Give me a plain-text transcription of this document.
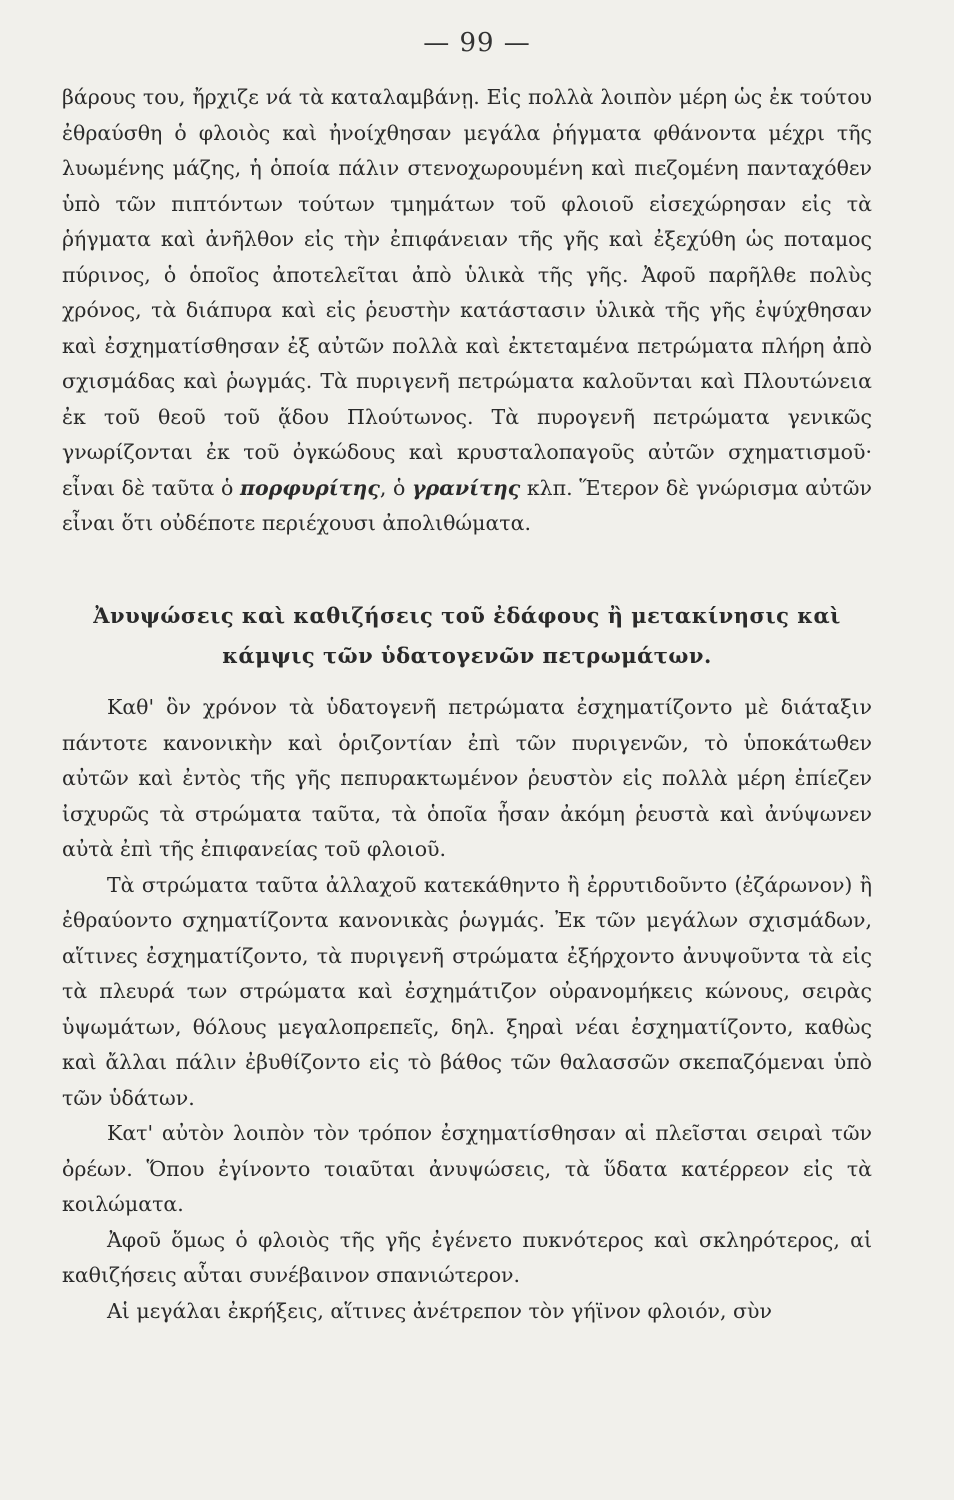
— 99 —

βάρους του, ἤρχιζε νά τὰ καταλαμβάνῃ. Εἰς πολλὰ λοιπὸν μέρη ὡς ἐκ τούτου ἐθραύσθη ὁ φλοιὸς καὶ ἠνοίχθησαν μεγάλα ῥήγματα φθάνοντα μέχρι τῆς λυωμένης μάζης, ἡ ὁποία πάλιν στενοχωρουμένη καὶ πιεζομένη πανταχόθεν ὑπὸ τῶν πιπτόντων τούτων τμημάτων τοῦ φλοιοῦ εἰσεχώρησαν εἰς τὰ ῥήγματα καὶ ἀνῆλθον εἰς τὴν ἐπιφάνειαν τῆς γῆς καὶ ἐξεχύθη ὡς ποταμος πύρινος, ὁ ὁποῖος ἀποτελεῖται ἀπὸ ὑλικὰ τῆς γῆς. Ἀφοῦ παρῆλθε πολὺς χρόνος, τὰ διάπυρα καὶ εἰς ῥευστὴν κατάστασιν ὑλικὰ τῆς γῆς ἐψύχθησαν καὶ ἐσχηματίσθησαν ἐξ αὐτῶν πολλὰ καὶ ἐκτεταμένα πετρώματα πλήρη ἀπὸ σχισμάδας καὶ ῥωγμάς. Τὰ πυριγενῆ πετρώματα καλοῦνται καὶ Πλουτώνεια ἐκ τοῦ θεοῦ τοῦ ᾅδου Πλούτωνος. Τὰ πυρογενῆ πετρώματα γενικῶς γνωρίζονται ἐκ τοῦ ὀγκώδους καὶ κρυσταλοπαγοῦς αὐτῶν σχηματισμοῦ· εἶναι δὲ ταῦτα ὁ πορφυρίτης, ὁ γρανίτης κλπ. Ἕτερον δὲ γνώρισμα αὐτῶν εἶναι ὅτι οὐδέποτε περιέχουσι ἀπολιθώματα.

Ἀνυψώσεις καὶ καθιζήσεις τοῦ ἐδάφους ἢ μετακίνησις καὶ κάμψις τῶν ὑδατογενῶν πετρωμάτων.

Καθ' ὃν χρόνον τὰ ὑδατογενῆ πετρώματα ἐσχηματίζοντο μὲ διάταξιν πάντοτε κανονικὴν καὶ ὁριζοντίαν ἐπὶ τῶν πυριγενῶν, τὸ ὑποκάτωθεν αὐτῶν καὶ ἐντὸς τῆς γῆς πεπυρακτωμένον ῥευστὸν εἰς πολλὰ μέρη ἐπίεζεν ἰσχυρῶς τὰ στρώματα ταῦτα, τὰ ὁποῖα ἦσαν ἀκόμη ῥευστὰ καὶ ἀνύψωνεν αὐτὰ ἐπὶ τῆς ἐπιφανείας τοῦ φλοιοῦ.

Τὰ στρώματα ταῦτα ἀλλαχοῦ κατεκάθηντο ἢ ἐρρυτιδοῦντο (ἐζάρωνον) ἢ ἐθραύοντο σχηματίζοντα κανονικὰς ῥωγμάς. Ἐκ τῶν μεγάλων σχισμάδων, αἵτινες ἐσχηματίζοντο, τὰ πυριγενῆ στρώματα ἐξήρχοντο ἀνυψοῦντα τὰ εἰς τὰ πλευρά των στρώματα καὶ ἐσχημάτιζον οὐρανομήκεις κώνους, σειρὰς ὑψωμάτων, θόλους μεγαλοπρεπεῖς, δηλ. ξηραὶ νέαι ἐσχηματίζοντο, καθὼς καὶ ἄλλαι πάλιν ἐβυθίζοντο εἰς τὸ βάθος τῶν θαλασσῶν σκεπαζόμεναι ὑπὸ τῶν ὑδάτων.

Κατ' αὐτὸν λοιπὸν τὸν τρόπον ἐσχηματίσθησαν αἱ πλεῖσται σειραὶ τῶν ὀρέων. Ὅπου ἐγίνοντο τοιαῦται ἀνυψώσεις, τὰ ὕδατα κατέρρεον εἰς τὰ κοιλώματα.

Ἀφοῦ ὅμως ὁ φλοιὸς τῆς γῆς ἐγένετο πυκνότερος καὶ σκληρότερος, αἱ καθιζήσεις αὗται συνέβαινον σπανιώτερον.

Αἱ μεγάλαι ἐκρήξεις, αἵτινες ἀνέτρεπον τὸν γήϊνον φλοιόν, σὺν
